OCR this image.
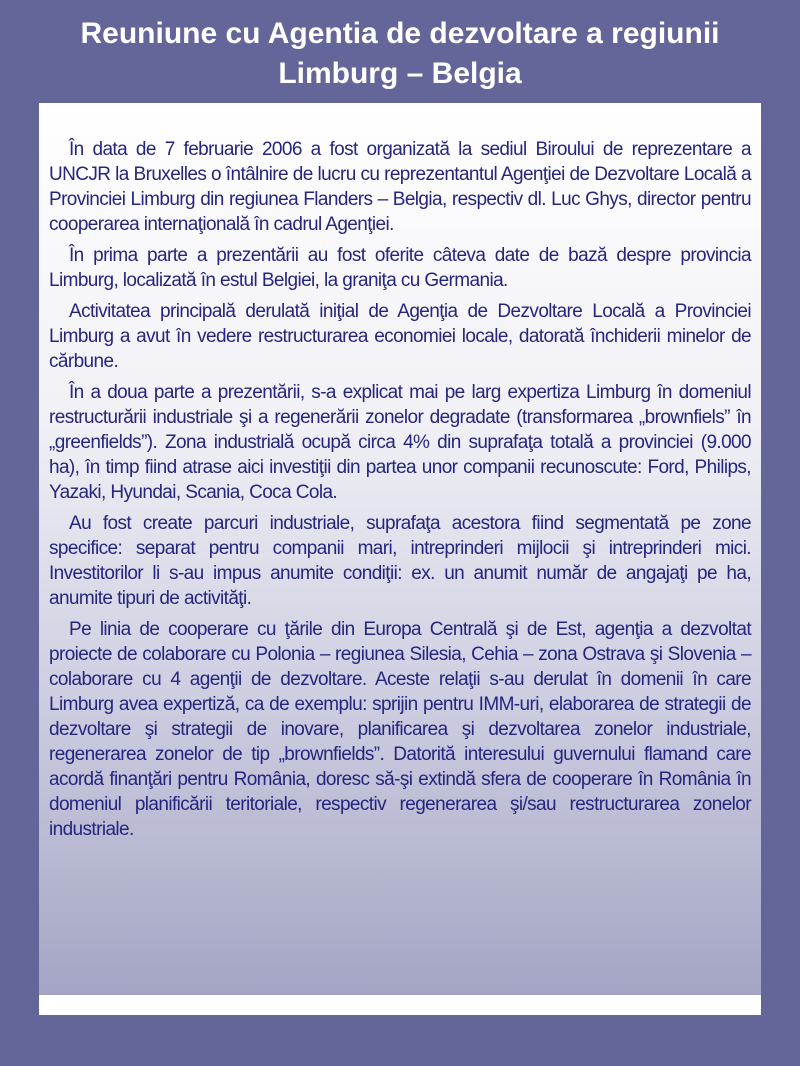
Reuniune cu Agentia de dezvoltare a regiunii
Limburg – Belgia

În data de 7 februarie 2006 a fost organizată la sediul Biroului de reprezentare a UNCJR la Bruxelles o întâlnire de lucru cu reprezentantul Agenţiei de Dezvoltare Locală a Provinciei Limburg din regiunea Flanders – Belgia, respectiv dl. Luc Ghys, director pentru cooperarea internaţională în cadrul Agenţiei.

În prima parte a prezentării au fost oferite câteva date de bază despre provincia Limburg, localizată în estul Belgiei, la graniţa cu Germania.

Activitatea principală derulată iniţial de Agenţia de Dezvoltare Locală a Provinciei Limburg a avut în vedere restructurarea economiei locale, datorată închiderii minelor de cărbune.

În a doua parte a prezentării, s-a explicat mai pe larg expertiza Limburg în domeniul restructurării industriale şi a regenerării zonelor degradate (transformarea „brownfiels” în „greenfields”). Zona industrială ocupă circa 4% din suprafaţa totală a provinciei (9.000 ha), în timp fiind atrase aici investiţii din partea unor companii recunoscute: Ford, Philips, Yazaki, Hyundai, Scania, Coca Cola.

Au fost create parcuri industriale, suprafaţa acestora fiind segmentată pe zone specifice: separat pentru companii mari, intreprinderi mijlocii şi intreprinderi mici. Investitorilor li s-au impus anumite condiţii: ex. un anumit număr de angajaţi pe ha, anumite tipuri de activităţi.

Pe linia de cooperare cu ţările din Europa Centrală şi de Est, agenţia a dezvoltat proiecte de colaborare cu Polonia – regiunea Silesia, Cehia – zona Ostrava şi Slovenia – colaborare cu 4 agenţii de dezvoltare. Aceste relaţii s-au derulat în domenii în care Limburg avea expertiză, ca de exemplu: sprijin pentru IMM-uri, elaborarea de strategii de dezvoltare şi strategii de inovare, planificarea şi dezvoltarea zonelor industriale, regenerarea zonelor de tip „brownfields”. Datorită interesului guvernului flamand care acordă finanţări pentru România, doresc să-şi extindă sfera de cooperare în România în domeniul planificării teritoriale, respectiv regenerarea şi/sau restructurarea zonelor industriale.
